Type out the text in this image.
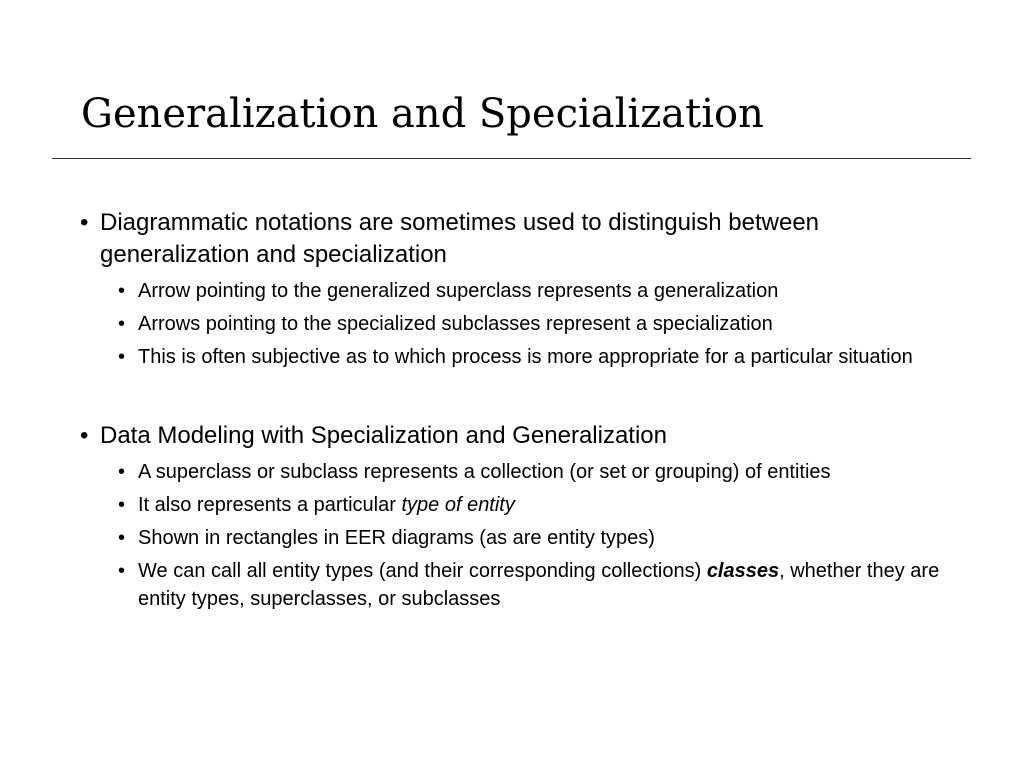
Generalization and Specialization

• Diagrammatic notations are sometimes used to distinguish between generalization and specialization

• Arrow pointing to the generalized superclass represents a generalization

• Arrows pointing to the specialized subclasses represent a specialization

• This is often subjective as to which process is more appropriate for a particular situation

• Data Modeling with Specialization and Generalization

• A superclass or subclass represents a collection (or set or grouping) of entities

• It also represents a particular type of entity

• Shown in rectangles in EER diagrams (as are entity types)

• We can call all entity types (and their corresponding collections) classes, whether they are entity types, superclasses, or subclasses
